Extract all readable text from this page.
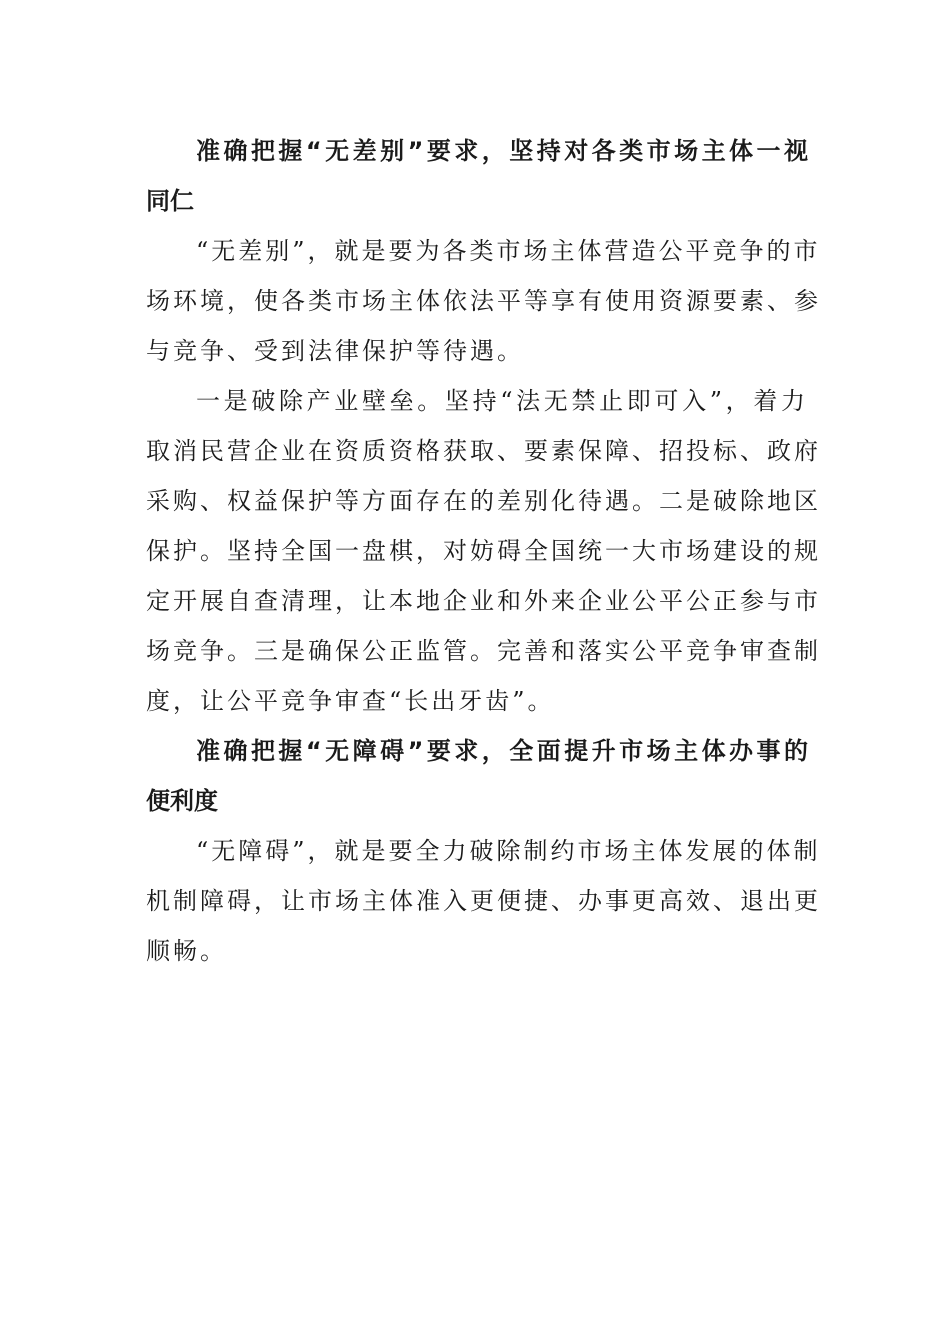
准确把握“无差别”要求，坚持对各类市场主体一视
同仁
“无差别”，就是要为各类市场主体营造公平竞争的市
场环境，使各类市场主体依法平等享有使用资源要素、参
与竞争、受到法律保护等待遇。
一是破除产业壁垒。坚持“法无禁止即可入”，着力
取消民营企业在资质资格获取、要素保障、招投标、政府
采购、权益保护等方面存在的差别化待遇。二是破除地区
保护。坚持全国一盘棋，对妨碍全国统一大市场建设的规
定开展自查清理，让本地企业和外来企业公平公正参与市
场竞争。三是确保公正监管。完善和落实公平竞争审查制
度，让公平竞争审查“长出牙齿”。
准确把握“无障碍”要求，全面提升市场主体办事的
便利度
“无障碍”，就是要全力破除制约市场主体发展的体制
机制障碍，让市场主体准入更便捷、办事更高效、退出更
顺畅。
